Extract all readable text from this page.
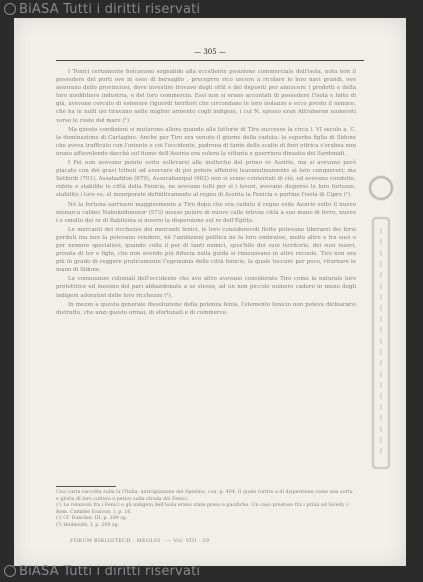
BiASA Tutti i diritti riservati
— 305 —

I Tenici certamente bolcavano sognalido alla eccellente posizione commerciale dell'isola, nota non il possedere dei porti ove in esso di bersaglio , preceprro rico uscere a ricolare le loro navi grandi, ove assorano dello provinciosi, dove investire trovavo degli ottil e dei depositi per annucere i prodotti e della loro medditiere industria, e del loro commercio. Essi non si erano accontati di possedere l'isola e fatto di già, avevano cercato di estenere riguordi territori che circondano le loro isolanze e ecco presto il nemico, che ha le nulli usi tiravano nelle miglior armento cogli indigeni, i cui N. spesso eran Attraberon numeroti verso le coste del mare (¹).

Ma questo condizioni si mutarono allora quando alle fattorie di Tiro successe la circa l. VI secolo a. C. la dominazione di Cartagine. Anche per Tiro era venuto il giorno della caduta: la superba figlia di Sidone che aveva trafficato con l'oriente e coi l'occidente, padrona di tante delle scalte di fiori ettrica s'erabea non erano affievolendo dacchè sul fiume dell'Assiria era sulera la vittoria e guerriera dinastia dei Sardonidi.

I Fei non avevano poiuto sorte sollevarsi alle molteche del primo re Assirio, ma si avevano però piacato con dei gravi tributi ad avervare di poi potere affenirsi leavanulmamente ai loro conquerori; ma Sethirib (701), Assahaddon (679), Assurabanipal (662) non si erano contentati di ciò, ed avevano condotte, ridote e stabilite le città della Fenicia, ne avevano tolti per si i tesori, avevano disperso le loro fortezze, stabilito i loro ve, el inoorporate definitivamente al regno di Assiria la Fenicia e portine l'isola di Cipro (²).

Né la fortuna sarrisero maggiormente a Tiro dopo che era caduto il regno esile Assirio sotto il nuovo monarca caldeo Nabukodonosor (573) mosso poiuro di nuovo calle intivoe città a suo mano di ferro, nuovo i e smolto dei re di Babilonia si misero la dispersione sul re dell'Egitto.

Le mercanti dei ricchezze dei mercanti fenici, le loro considerevoli flotte potevano tiberarsi dei forzi perduti ma non la potevano vendere, né l'ambizioni politica ne la loro ombratee, molte altre e fra suoi o per nemere specialissi, quando colla il per di tanti nemici, spos'bile dei suoi territorio, dei suoi tesori, privata di tor e fighi, che non avendo più fiducia nella guida si rimenavano in altre recuole. Tiro non ora più in grado di reggere praticamente l'egemonia delle città fenicie, la quale toccare per poco, ritornare le mano di Sidone.

Le comunanze coloniali dell'occidente che avo altro avevano considerato Tiro come la naturale loro protettrice ed inesono del pari abbandonate a se stesse, ad un non piccolo numero cadero in mano degli indigeni adoratori delle loro ricchezze (³).

In mezzo a questa generale dissoluzione della potenza fenia, l'elemento fenicio non poteva dichiararsi distrutto, che anzi questo ormai, di sfortunati e di commerce.

Una curta raccolta sulla la l'Italia, anticipiazione del Spedino, cou. p. 404. Il quale riattre a di dispersione come una sorta e gloria di loro cultura e pettor sulla strada dei Fenici.
(¹) Le relazioni fra i Fenici e gli indigeni dell'Isola erano state preso e pacifiche. Un caso prestoso fra i primi ed Sicedy c. Rem. Cambbe Essicon, I, p. 16.
(²) Cf. Duncker, III, p. 289 sg.
(³) Heilmeith, I, p. 209 sg.
FORUM BIBLIOTECH · MEGLIO · — Vol. VIII · 29
BiASA Tutti i diritti riservati
